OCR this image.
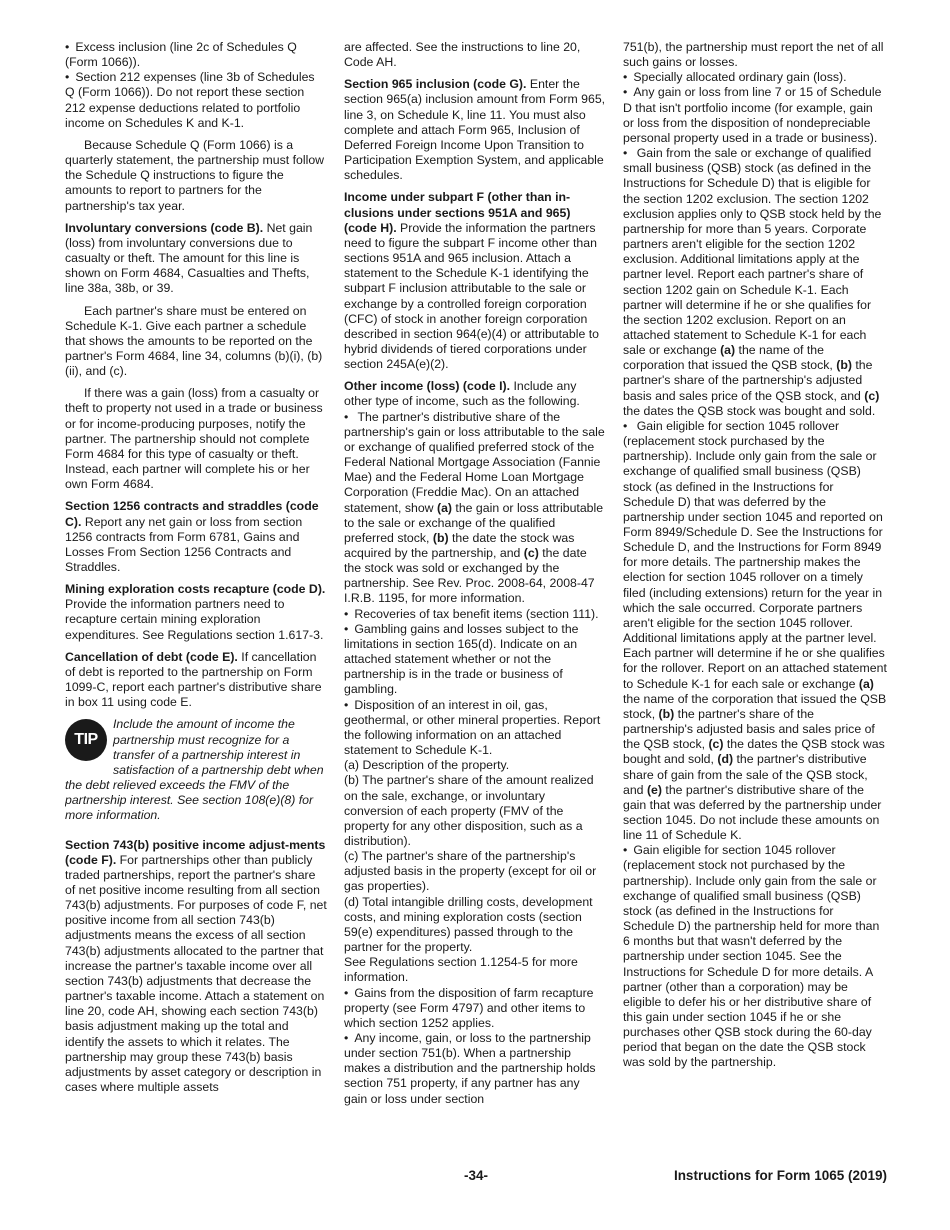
• Excess inclusion (line 2c of Schedules Q (Form 1066)).
• Section 212 expenses (line 3b of Schedules Q (Form 1066)). Do not report these section 212 expense deductions related to portfolio income on Schedules K and K-1.
Because Schedule Q (Form 1066) is a quarterly statement, the partnership must follow the Schedule Q instructions to figure the amounts to report to partners for the partnership's tax year.
Involuntary conversions (code B). Net gain (loss) from involuntary conversions due to casualty or theft. The amount for this line is shown on Form 4684, Casualties and Thefts, line 38a, 38b, or 39.
Each partner's share must be entered on Schedule K-1. Give each partner a schedule that shows the amounts to be reported on the partner's Form 4684, line 34, columns (b)(i), (b)(ii), and (c).
If there was a gain (loss) from a casualty or theft to property not used in a trade or business or for income-producing purposes, notify the partner. The partnership should not complete Form 4684 for this type of casualty or theft. Instead, each partner will complete his or her own Form 4684.
Section 1256 contracts and straddles (code C). Report any net gain or loss from section 1256 contracts from Form 6781, Gains and Losses From Section 1256 Contracts and Straddles.
Mining exploration costs recapture (code D). Provide the information partners need to recapture certain mining exploration expenditures. See Regulations section 1.617-3.
Cancellation of debt (code E). If cancellation of debt is reported to the partnership on Form 1099-C, report each partner's distributive share in box 11 using code E.
TIP
Include the amount of income the partnership must recognize for a transfer of a partnership interest in satisfaction of a partnership debt when the debt relieved exceeds the FMV of the partnership interest. See section 108(e)(8) for more information.
Section 743(b) positive income adjust-ments (code F). For partnerships other than publicly traded partnerships, report the partner's share of net positive income resulting from all section 743(b) adjustments. For purposes of code F, net positive income from all section 743(b) adjustments means the excess of all section 743(b) adjustments allocated to the partner that increase the partner's taxable income over all section 743(b) adjustments that decrease the partner's taxable income. Attach a statement on line 20, code AH, showing each section 743(b) basis adjustment making up the total and identify the assets to which it relates. The partnership may group these 743(b) basis adjustments by asset category or description in cases where multiple assets
are affected. See the instructions to line 20, Code AH.
Section 965 inclusion (code G). Enter the section 965(a) inclusion amount from Form 965, line 3, on Schedule K, line 11. You must also complete and attach Form 965, Inclusion of Deferred Foreign Income Upon Transition to Participation Exemption System, and applicable schedules.
Income under subpart F (other than in-clusions under sections 951A and 965) (code H). Provide the information the partners need to figure the subpart F income other than sections 951A and 965 inclusion. Attach a statement to the Schedule K-1 identifying the subpart F inclusion attributable to the sale or exchange by a controlled foreign corporation (CFC) of stock in another foreign corporation described in section 964(e)(4) or attributable to hybrid dividends of tiered corporations under section 245A(e)(2).
Other income (loss) (code I). Include any other type of income, such as the following.
• The partner's distributive share of the partnership's gain or loss attributable to the sale or exchange of qualified preferred stock of the Federal National Mortgage Association (Fannie Mae) and the Federal Home Loan Mortgage Corporation (Freddie Mac). On an attached statement, show (a) the gain or loss attributable to the sale or exchange of the qualified preferred stock, (b) the date the stock was acquired by the partnership, and (c) the date the stock was sold or exchanged by the partnership. See Rev. Proc. 2008-64, 2008-47 I.R.B. 1195, for more information.
• Recoveries of tax benefit items (section 111).
• Gambling gains and losses subject to the limitations in section 165(d). Indicate on an attached statement whether or not the partnership is in the trade or business of gambling.
• Disposition of an interest in oil, gas, geothermal, or other mineral properties. Report the following information on an attached statement to Schedule K-1.
(a) Description of the property.
(b) The partner's share of the amount realized on the sale, exchange, or involuntary conversion of each property (FMV of the property for any other disposition, such as a distribution).
(c) The partner's share of the partnership's adjusted basis in the property (except for oil or gas properties).
(d) Total intangible drilling costs, development costs, and mining exploration costs (section 59(e) expenditures) passed through to the partner for the property.
See Regulations section 1.1254-5 for more information.
• Gains from the disposition of farm recapture property (see Form 4797) and other items to which section 1252 applies.
• Any income, gain, or loss to the partnership under section 751(b). When a partnership makes a distribution and the partnership holds section 751 property, if any partner has any gain or loss under section
751(b), the partnership must report the net of all such gains or losses.
• Specially allocated ordinary gain (loss).
• Any gain or loss from line 7 or 15 of Schedule D that isn't portfolio income (for example, gain or loss from the disposition of nondepreciable personal property used in a trade or business).
• Gain from the sale or exchange of qualified small business (QSB) stock (as defined in the Instructions for Schedule D) that is eligible for the section 1202 exclusion. The section 1202 exclusion applies only to QSB stock held by the partnership for more than 5 years. Corporate partners aren't eligible for the section 1202 exclusion. Additional limitations apply at the partner level. Report each partner's share of section 1202 gain on Schedule K-1. Each partner will determine if he or she qualifies for the section 1202 exclusion. Report on an attached statement to Schedule K-1 for each sale or exchange (a) the name of the corporation that issued the QSB stock, (b) the partner's share of the partnership's adjusted basis and sales price of the QSB stock, and (c) the dates the QSB stock was bought and sold.
• Gain eligible for section 1045 rollover (replacement stock purchased by the partnership). Include only gain from the sale or exchange of qualified small business (QSB) stock (as defined in the Instructions for Schedule D) that was deferred by the partnership under section 1045 and reported on Form 8949/Schedule D. See the Instructions for Schedule D, and the Instructions for Form 8949 for more details. The partnership makes the election for section 1045 rollover on a timely filed (including extensions) return for the year in which the sale occurred. Corporate partners aren't eligible for the section 1045 rollover. Additional limitations apply at the partner level. Each partner will determine if he or she qualifies for the rollover. Report on an attached statement to Schedule K-1 for each sale or exchange (a) the name of the corporation that issued the QSB stock, (b) the partner's share of the partnership's adjusted basis and sales price of the QSB stock, (c) the dates the QSB stock was bought and sold, (d) the partner's distributive share of gain from the sale of the QSB stock, and (e) the partner's distributive share of the gain that was deferred by the partnership under section 1045. Do not include these amounts on line 11 of Schedule K.
• Gain eligible for section 1045 rollover (replacement stock not purchased by the partnership). Include only gain from the sale or exchange of qualified small business (QSB) stock (as defined in the Instructions for Schedule D) the partnership held for more than 6 months but that wasn't deferred by the partnership under section 1045. See the Instructions for Schedule D for more details. A partner (other than a corporation) may be eligible to defer his or her distributive share of this gain under section 1045 if he or she purchases other QSB stock during the 60-day period that began on the date the QSB stock was sold by the partnership.
-34-	Instructions for Form 1065 (2019)
